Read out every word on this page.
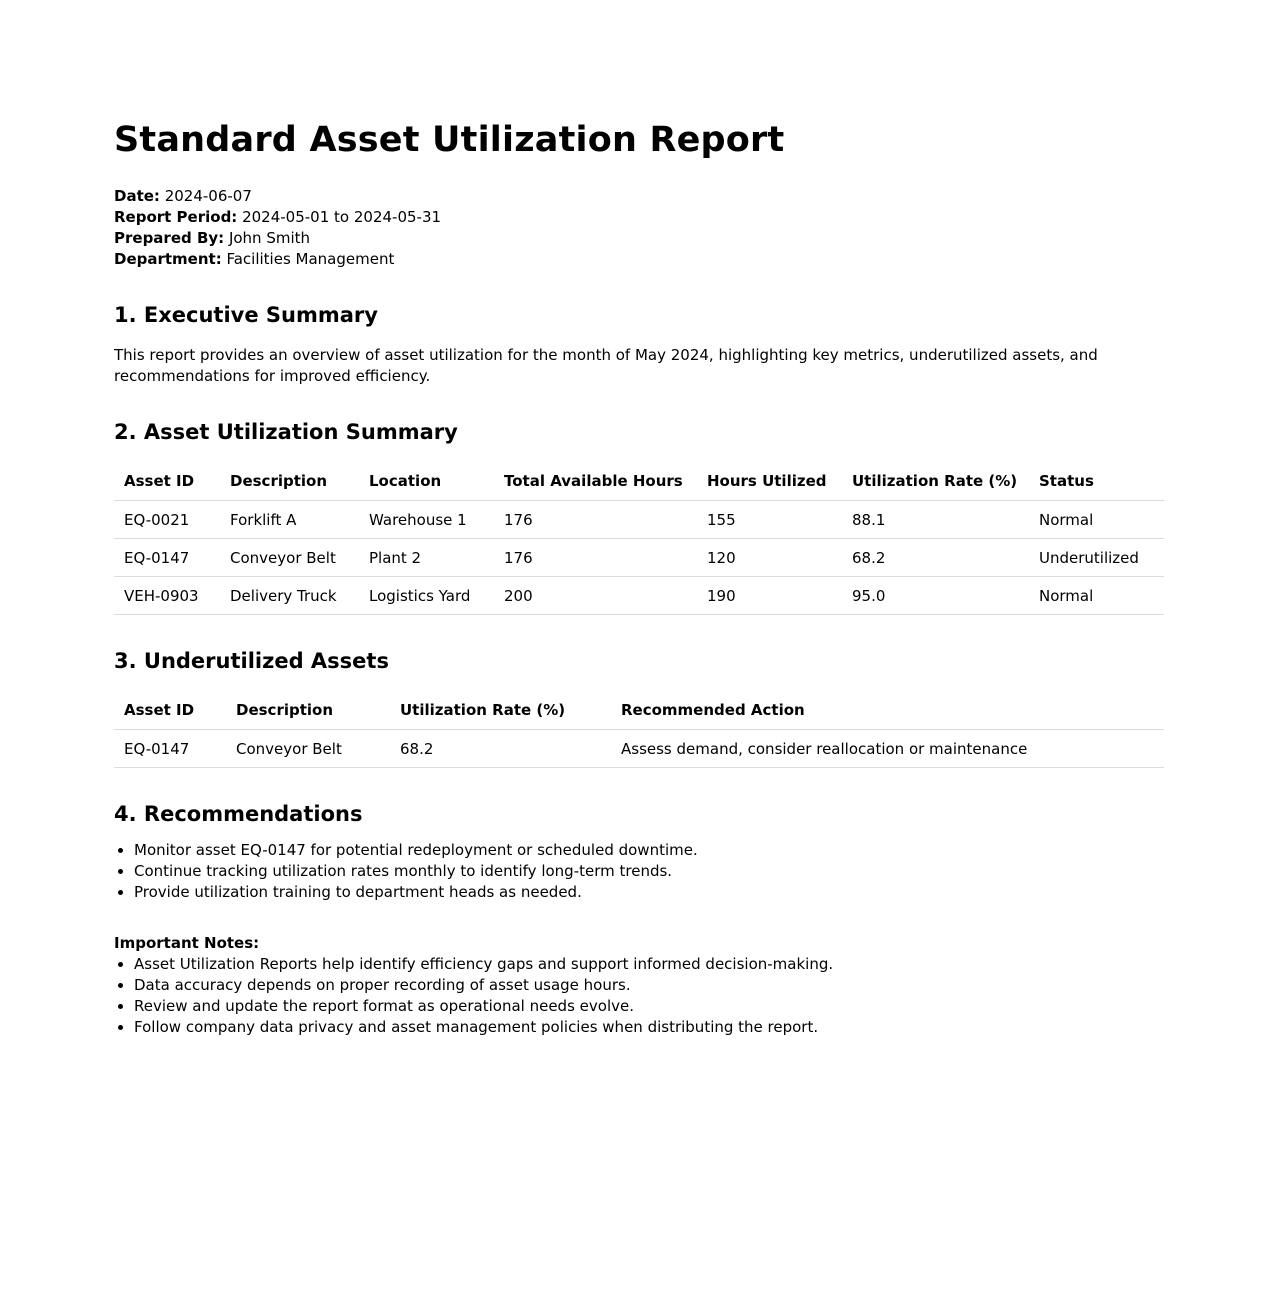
Standard Asset Utilization Report
Date: 2024-06-07
Report Period: 2024-05-01 to 2024-05-31
Prepared By: John Smith
Department: Facilities Management
1. Executive Summary
This report provides an overview of asset utilization for the month of May 2024, highlighting key metrics, underutilized assets, and recommendations for improved efficiency.
2. Asset Utilization Summary
Asset ID	Description	Location	Total Available Hours	Hours Utilized	Utilization Rate (%)	Status
EQ-0021	Forklift A	Warehouse 1	176	155	88.1	Normal
EQ-0147	Conveyor Belt	Plant 2	176	120	68.2	Underutilized
VEH-0903	Delivery Truck	Logistics Yard	200	190	95.0	Normal
3. Underutilized Assets
Asset ID	Description	Utilization Rate (%)	Recommended Action
EQ-0147	Conveyor Belt	68.2	Assess demand, consider reallocation or maintenance
4. Recommendations
• Monitor asset EQ-0147 for potential redeployment or scheduled downtime.
• Continue tracking utilization rates monthly to identify long-term trends.
• Provide utilization training to department heads as needed.
Important Notes:
• Asset Utilization Reports help identify efficiency gaps and support informed decision-making.
• Data accuracy depends on proper recording of asset usage hours.
• Review and update the report format as operational needs evolve.
• Follow company data privacy and asset management policies when distributing the report.
